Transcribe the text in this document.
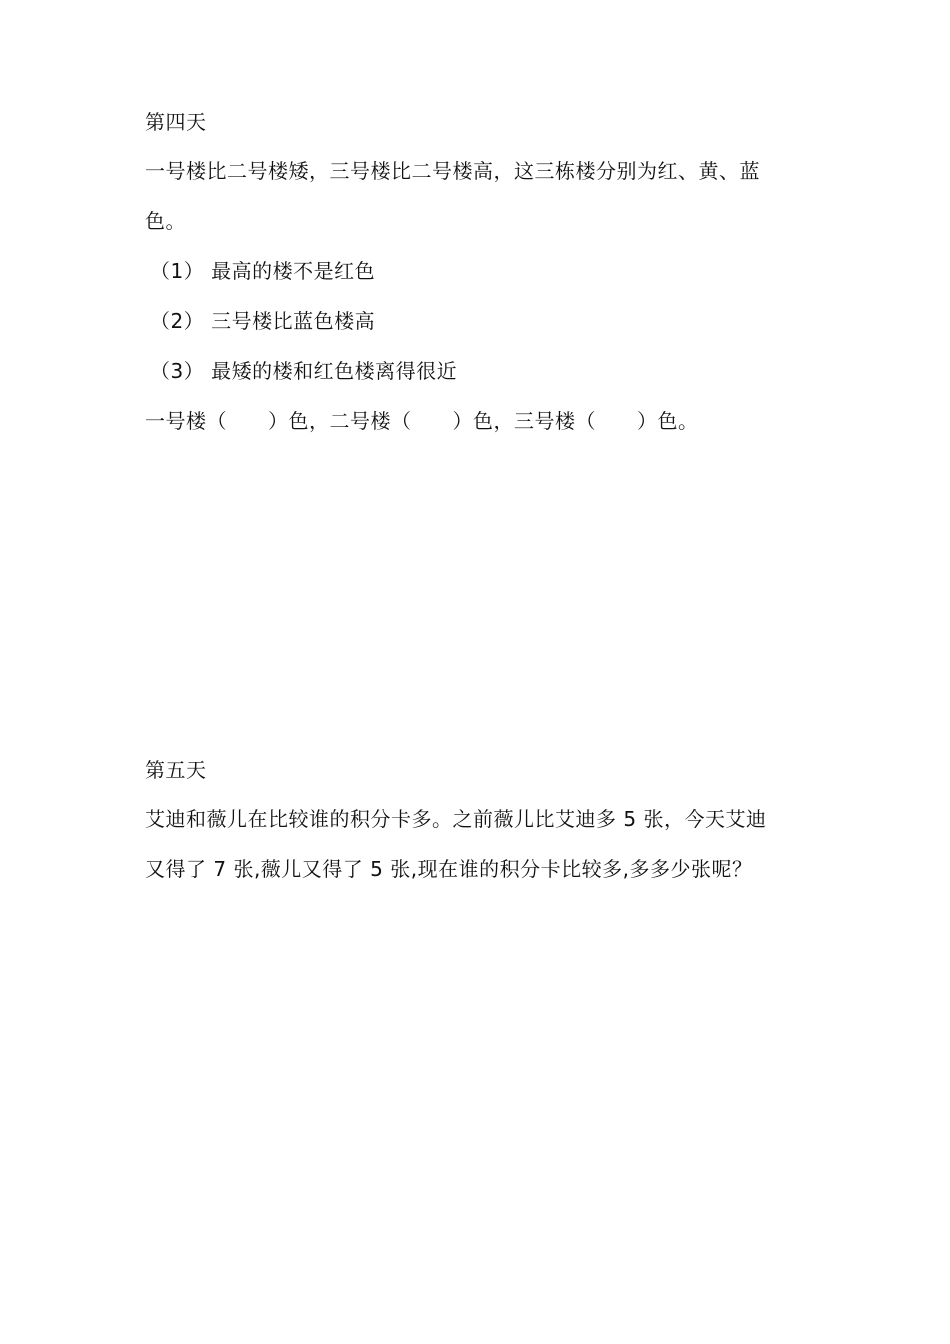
第四天
一号楼比二号楼矮，三号楼比二号楼高，这三栋楼分别为红、黄、蓝
色。
（1） 最高的楼不是红色
（2） 三号楼比蓝色楼高
（3） 最矮的楼和红色楼离得很近
一号楼（　　）色，二号楼（　　）色，三号楼（　　）色。
第五天
艾迪和薇儿在比较谁的积分卡多。之前薇儿比艾迪多 5 张，今天艾迪
又得了 7 张,薇儿又得了 5 张,现在谁的积分卡比较多,多多少张呢？
